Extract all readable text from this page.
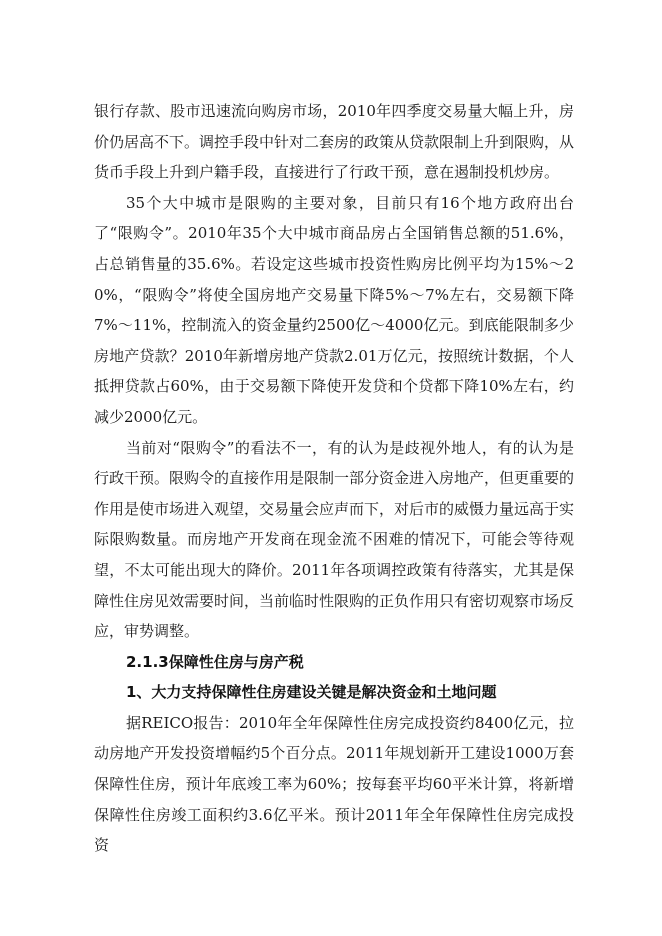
银行存款、股市迅速流向购房市场，2010年四季度交易量大幅上升，房价仍居高不下。调控手段中针对二套房的政策从贷款限制上升到限购，从货币手段上升到户籍手段，直接进行了行政干预，意在遏制投机炒房。

35个大中城市是限购的主要对象，目前只有16个地方政府出台了“限购令”。2010年35个大中城市商品房占全国销售总额的51.6%，占总销售量的35.6%。若设定这些城市投资性购房比例平均为15%～20%，“限购令”将使全国房地产交易量下降5%～7%左右，交易额下降7%～11%，控制流入的资金量约2500亿～4000亿元。到底能限制多少房地产贷款？2010年新增房地产贷款2.01万亿元，按照统计数据，个人抵押贷款占60%，由于交易额下降使开发贷和个贷都下降10%左右，约减少2000亿元。

当前对“限购令”的看法不一，有的认为是歧视外地人，有的认为是行政干预。限购令的直接作用是限制一部分资金进入房地产，但更重要的作用是使市场进入观望，交易量会应声而下，对后市的威慑力量远高于实际限购数量。而房地产开发商在现金流不困难的情况下，可能会等待观望，不太可能出现大的降价。2011年各项调控政策有待落实，尤其是保障性住房见效需要时间，当前临时性限购的正负作用只有密切观察市场反应，审势调整。

2.1.3保障性住房与房产税

1、大力支持保障性住房建设关键是解决资金和土地问题

据REICO报告：2010年全年保障性住房完成投资约8400亿元，拉动房地产开发投资增幅约5个百分点。2011年规划新开工建设1000万套保障性住房，预计年底竣工率为60%；按每套平均60平米计算，将新增保障性住房竣工面积约3.6亿平米。预计2011年全年保障性住房完成投资
